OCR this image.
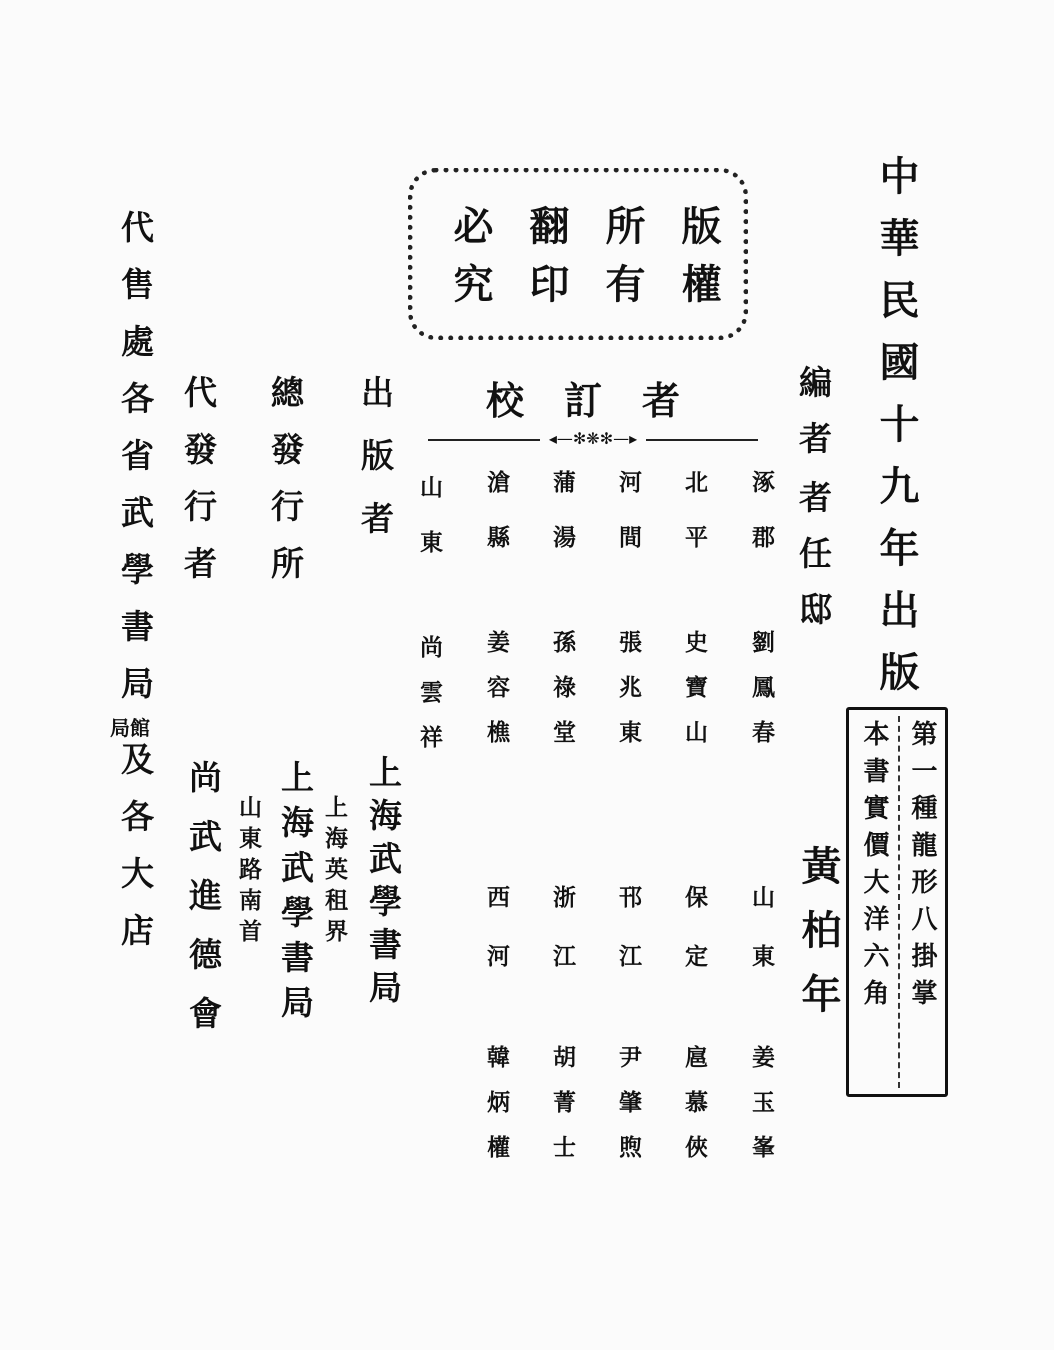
中華民國十九年出版
第一種龍形八掛掌
本書實價大洋六角
編者
者任邸
黃柏年
版權
所有
翻印
必究
校訂者
◂—✻❋✻—▸
涿郡
劉鳳春
北平
史寶山
河間
張兆東
蒲湯
孫祿堂
滄縣
姜容樵
山東
尚雲祥
山東
姜玉峯
保定
扈慕俠
邗江
尹肇煦
浙江
胡菁士
西河
韓炳權
出版者
上海武學書局
總發行所
上海英租界
上海武學書局
代發行者
山東路南首
尚武進德會
代售處各省武學書局
局館
及各大店
